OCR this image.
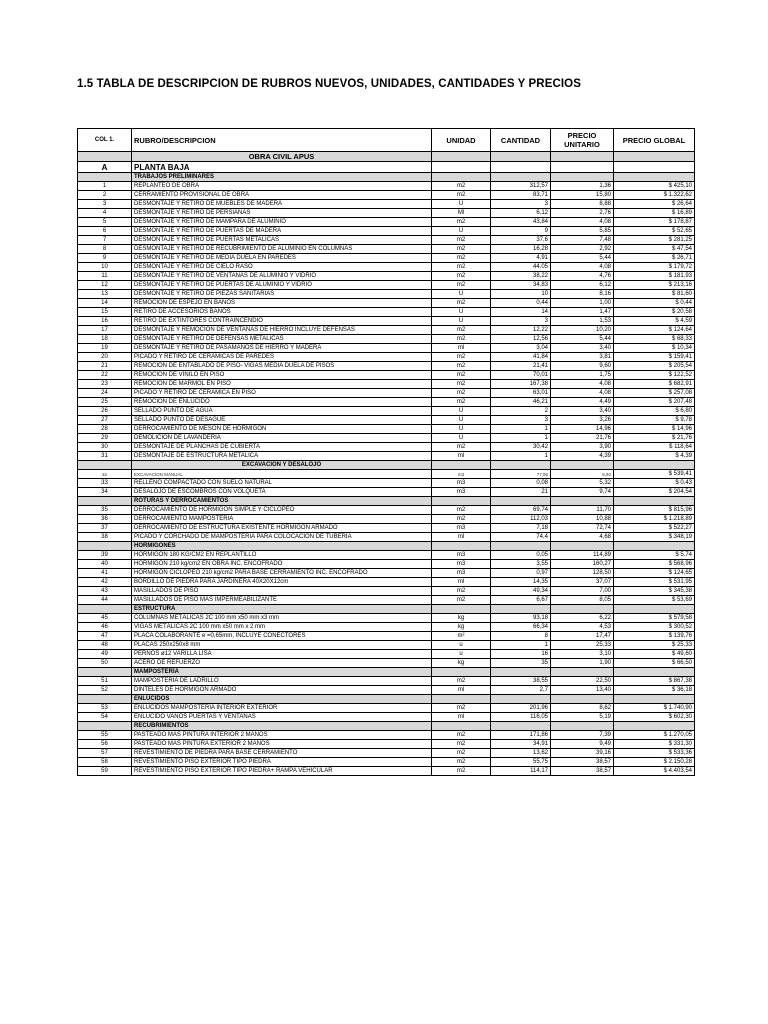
1.5 TABLA DE DESCRIPCION DE RUBROS NUEVOS, UNIDADES, CANTIDADES Y PRECIOS
COL 1.	RUBRO/DESCRIPCION	UNIDAD	CANTIDAD	PRECIO UNITARIO	PRECIO GLOBAL
	OBRA CIVIL APUS				
A	PLANTA BAJA				
	TRABAJOS PRELIMINARES				
1	REPLANTEO DE OBRA	m2	312,57	1,36	$ 425,10
2	CERRAMIENTO PROVISIONAL DE OBRA	m2	83,71	15,80	$ 1.322,62
3	DESMONTAJE Y RETIRO DE MUEBLES DE MADERA	U	3	8,88	$ 26,64
4	DESMONTAJE Y RETIRO DE PERSIANAS	Ml	6,12	2,76	$ 16,89
5	DESMONTAJE Y RETIRO DE MAMPARA DE ALUMINIO	m2	43,84	4,08	$ 178,87
6	DESMONTAJE Y RETIRO DE PUERTAS DE MADERA	U	9	5,85	$ 52,65
7	DESMONTAJE Y RETIRO DE PUERTAS METALICAS	m2	37,6	7,48	$ 281,25
8	DESMONTAJE Y RETIRO DE RECUBRIMIENTO DE ALUMINIO EN COLUMNAS	m2	16,28	2,92	$ 47,54
9	DESMONTAJE Y RETIRO DE MEDIA DUELA EN PAREDES	m2	4,91	5,44	$ 26,71
10	DESMONTAJE Y RETIRO DE CIELO RASO	m2	44,05	4,08	$ 179,72
11	DESMONTAJE Y RETIRO DE VENTANAS DE ALUMINIO Y VIDRIO	m2	38,22	4,76	$ 181,93
12	DESMONTAJE Y RETIRO DE PUERTAS DE ALUMINIO Y VIDRIO	m2	34,83	6,12	$ 213,16
13	DESMONTAJE Y RETIRO DE PIEZAS SANITARIAS	U	10	8,16	$ 81,60
14	REMOCIÓN DE ESPEJO EN BAÑOS	m2	0,44	1,00	$ 0,44
15	RETIRO DE ACCESORIOS BAÑOS	U	14	1,47	$ 20,58
16	RETIRO DE EXTINTORES CONTRAINCENDIO	U	3	1,53	$ 4,59
17	DESMONTAJE Y REMOCION DE VENTANAS DE HIERRO INCLUYE DEFENSAS	m2	12,22	10,20	$ 124,64
18	DESMONTAJE Y RETIRO DE DEFENSAS METALICAS	m2	12,56	5,44	$ 68,33
19	DESMONTAJE Y RETIRO DE PASAMANOS DE HIERRO Y MADERA	ml	3,04	3,40	$ 10,34
20	PICADO Y RETIRO DE CERAMICAS DE PAREDES	m2	41,84	3,81	$ 159,41
21	REMOCIÓN DE ENTABLADO DE PISO- VIGAS MEDIA DUELA DE PISOS	m2	21,41	9,60	$ 205,54
22	REMOCION DE VINILO EN PISO	m2	70,01	1,75	$ 122,52
23	REMOCION DE MARMOL EN PISO	m2	167,38	4,08	$ 682,91
24	PICADO Y RETIRO DE CERAMICA EN PISO	m2	63,01	4,08	$ 257,08
25	REMOCION DE ENLUCIDO	m2	46,21	4,49	$ 207,48
26	SELLADO PUNTO DE AGUA	U	2	3,40	$ 6,80
27	SELLADO PUNTO DE DESAGUE	U	3	3,26	$ 9,78
28	DERROCAMIENTO DE MESON DE HORMIGÓN	U	1	14,96	$ 14,96
29	DEMOLICION DE LAVANDERÍA	U	1	21,76	$ 21,76
30	DESMONTAJE DE PLANCHAS DE CUBIERTA	m2	30,42	3,90	$ 118,64
31	DESMONTAJE DE ESTRUCTURA METALICA	ml	1	4,39	$ 4,39
	EXCAVACION Y DESALOJO				
32	EXCAVACION MANUAL	m3	77,95	6,92	$ 539,41
33	RELLENO COMPACTADO CON SUELO NATURAL	m3	0,08	5,32	$ 0,43
34	DESALOJO DE ESCOMBROS CON VOLQUETA	m3	21	9,74	$ 204,54
	ROTURAS Y DERROCAMIENTOS				
35	DERROCAMIENTO DE HORMIGON SIMPLE Y CICLOPEO	m2	69,74	11,70	$ 815,96
36	DERROCAMIENTO MAMPOSTERIA	m2	112,03	10,88	$ 1.218,89
37	DERROCAMIENTO DE ESTRUCTURA EXISTENTE HORMIGON ARMADO	m3	7,18	72,74	$ 522,27
38	PICADO Y CORCHADO DE MAMPOSTERIA PARA COLOCACION DE TUBERIA	ml	74,4	4,68	$ 348,19
	HORMIGONES				
39	HORMIGON 180 KG/CM2 EN REPLANTILLO	m3	0,05	114,89	$ 5,74
40	HORMIGÓN 210 kg/cm2 EN OBRA INC. ENCOFRADO	m3	3,55	160,27	$ 568,96
41	HORMIGÓN CICLOPEO 210 kg/cm2 PARA BASE CERRAMIENTO INC. ENCOFRADO	m3	0,97	128,50	$ 124,65
42	BORDILLO DE PIEDRA PARA JARDINERA 40X20X12cm	ml	14,35	37,07	$ 531,95
43	MASILLADOS DE PISO	m2	49,34	7,00	$ 345,38
44	MASILLADOS DE PISO MAS IMPERMEABILIZANTE	m2	6,67	8,05	$ 53,69
	ESTRUCTURA				
45	COLUMNAS METÁLICAS 2C 100 mm x50 mm x3 mm	kg	93,18	6,22	$ 579,58
46	VIGAS METÁLICAS 2C 100 mm x50 mm x 2 mm	kg	66,34	4,53	$ 300,52
47	PLACA COLABORANTE e =0,65mm, INCLUYE CONECTORES	m²	8	17,47	$ 139,76
48	PLACAS 250x250x8 mm	u	1	25,33	$ 25,33
49	PERNOS ø12 VARILLA LISA	u	16	3,10	$ 49,60
50	ACERO DE REFUERZO	kg	35	1,90	$ 66,50
	MAMPOSTERÍA				
51	MAMPOSTERÍA DE LADRILLO	m2	38,55	22,50	$ 867,38
52	DINTELES DE HORMIGON ARMADO	ml	2,7	13,40	$ 36,18
	ENLUCIDOS				
53	ENLUCIDOS MAMPOSTERIA INTERIOR EXTERIOR	m2	201,96	8,62	$ 1.740,90
54	ENLUCIDO VANOS PUERTAS Y VENTANAS	ml	116,05	5,19	$ 602,30
	RECUBRIMIENTOS				
55	PASTEADO MAS PINTURA INTERIOR 2 MANOS	m2	171,86	7,39	$ 1.270,05
56	PASTEADO MAS PINTURA EXTERIOR 2 MANOS	m2	34,91	9,49	$ 331,30
57	REVESTIMIENTO DE PIEDRA PARA BASE CERRAMIENTO	m2	13,62	39,16	$ 533,36
58	REVESTIMIENTO PISO EXTERIOR TIPO PIEDRA	m2	55,75	38,57	$ 2.150,28
59	REVESTIMIENTO PISO EXTERIOR TIPO PIEDRA+ RAMPA VEHICULAR	m2	114,17	38,57	$ 4.403,54
